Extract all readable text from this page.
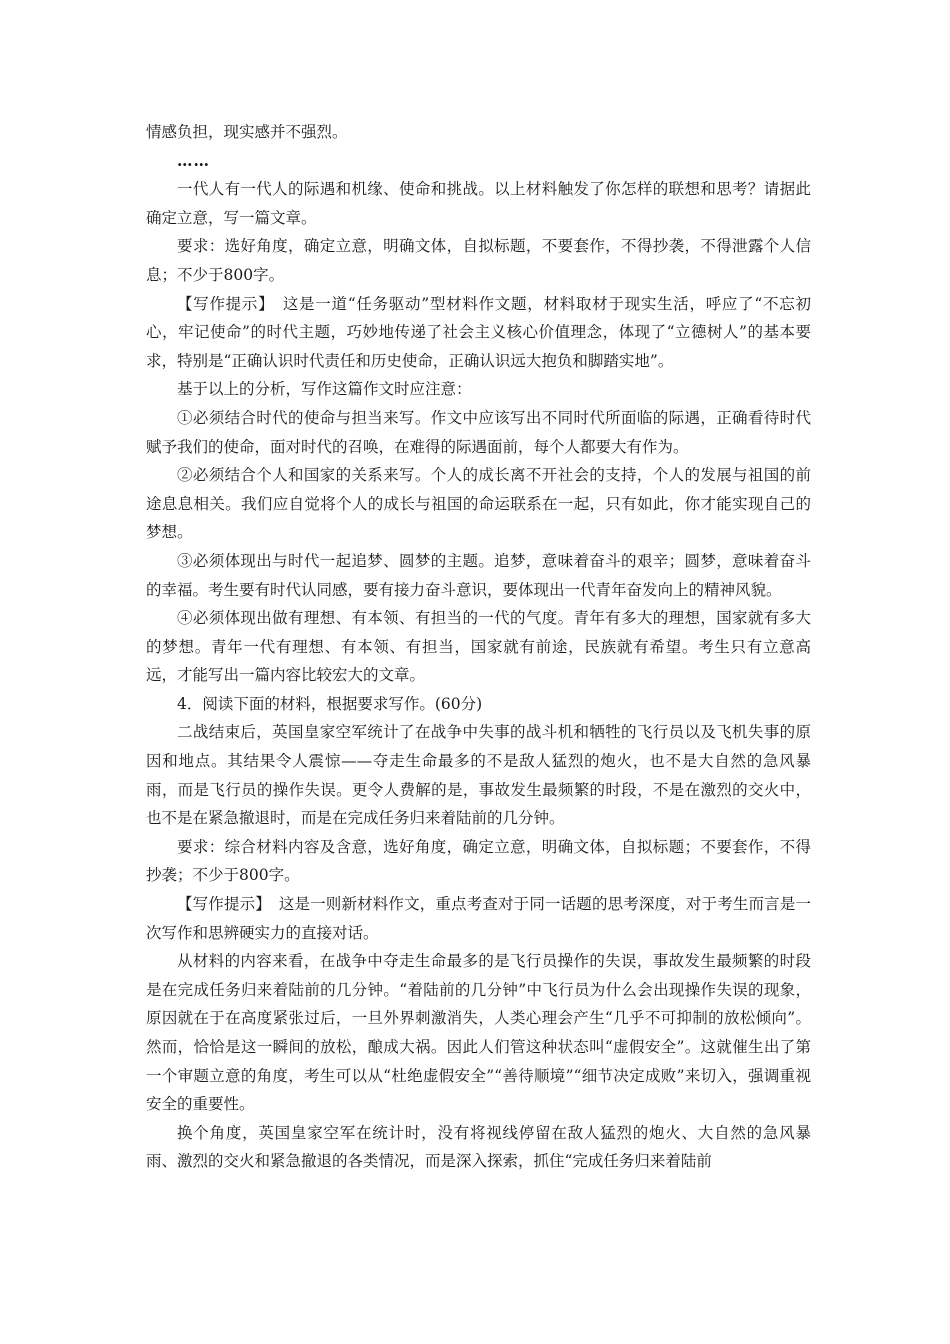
情感负担，现实感并不强烈。

……

一代人有一代人的际遇和机缘、使命和挑战。以上材料触发了你怎样的联想和思考？请据此确定立意，写一篇文章。

要求：选好角度，确定立意，明确文体，自拟标题，不要套作，不得抄袭，不得泄露个人信息；不少于800字。

【写作提示】　这是一道“任务驱动”型材料作文题，材料取材于现实生活，呼应了“不忘初心，牢记使命”的时代主题，巧妙地传递了社会主义核心价值理念，体现了“立德树人”的基本要求，特别是“正确认识时代责任和历史使命，正确认识远大抱负和脚踏实地”。

基于以上的分析，写作这篇作文时应注意：

①必须结合时代的使命与担当来写。作文中应该写出不同时代所面临的际遇，正确看待时代赋予我们的使命，面对时代的召唤，在难得的际遇面前，每个人都要大有作为。

②必须结合个人和国家的关系来写。个人的成长离不开社会的支持，个人的发展与祖国的前途息息相关。我们应自觉将个人的成长与祖国的命运联系在一起，只有如此，你才能实现自己的梦想。

③必须体现出与时代一起追梦、圆梦的主题。追梦，意味着奋斗的艰辛；圆梦，意味着奋斗的幸福。考生要有时代认同感，要有接力奋斗意识，要体现出一代青年奋发向上的精神风貌。

④必须体现出做有理想、有本领、有担当的一代的气度。青年有多大的理想，国家就有多大的梦想。青年一代有理想、有本领、有担当，国家就有前途，民族就有希望。考生只有立意高远，才能写出一篇内容比较宏大的文章。

4．阅读下面的材料，根据要求写作。(60分)

二战结束后，英国皇家空军统计了在战争中失事的战斗机和牺牲的飞行员以及飞机失事的原因和地点。其结果令人震惊——夺走生命最多的不是敌人猛烈的炮火，也不是大自然的急风暴雨，而是飞行员的操作失误。更令人费解的是，事故发生最频繁的时段，不是在激烈的交火中，也不是在紧急撤退时，而是在完成任务归来着陆前的几分钟。

要求：综合材料内容及含意，选好角度，确定立意，明确文体，自拟标题；不要套作，不得抄袭；不少于800字。

【写作提示】　这是一则新材料作文，重点考查对于同一话题的思考深度，对于考生而言是一次写作和思辨硬实力的直接对话。

从材料的内容来看，在战争中夺走生命最多的是飞行员操作的失误，事故发生最频繁的时段是在完成任务归来着陆前的几分钟。“着陆前的几分钟”中飞行员为什么会出现操作失误的现象，原因就在于在高度紧张过后，一旦外界刺激消失，人类心理会产生“几乎不可抑制的放松倾向”。然而，恰恰是这一瞬间的放松，酿成大祸。因此人们管这种状态叫“虚假安全”。这就催生出了第一个审题立意的角度，考生可以从“杜绝虚假安全”“善待顺境”“细节决定成败”来切入，强调重视安全的重要性。

换个角度，英国皇家空军在统计时，没有将视线停留在敌人猛烈的炮火、大自然的急风暴雨、激烈的交火和紧急撤退的各类情况，而是深入探索，抓住“完成任务归来着陆前
